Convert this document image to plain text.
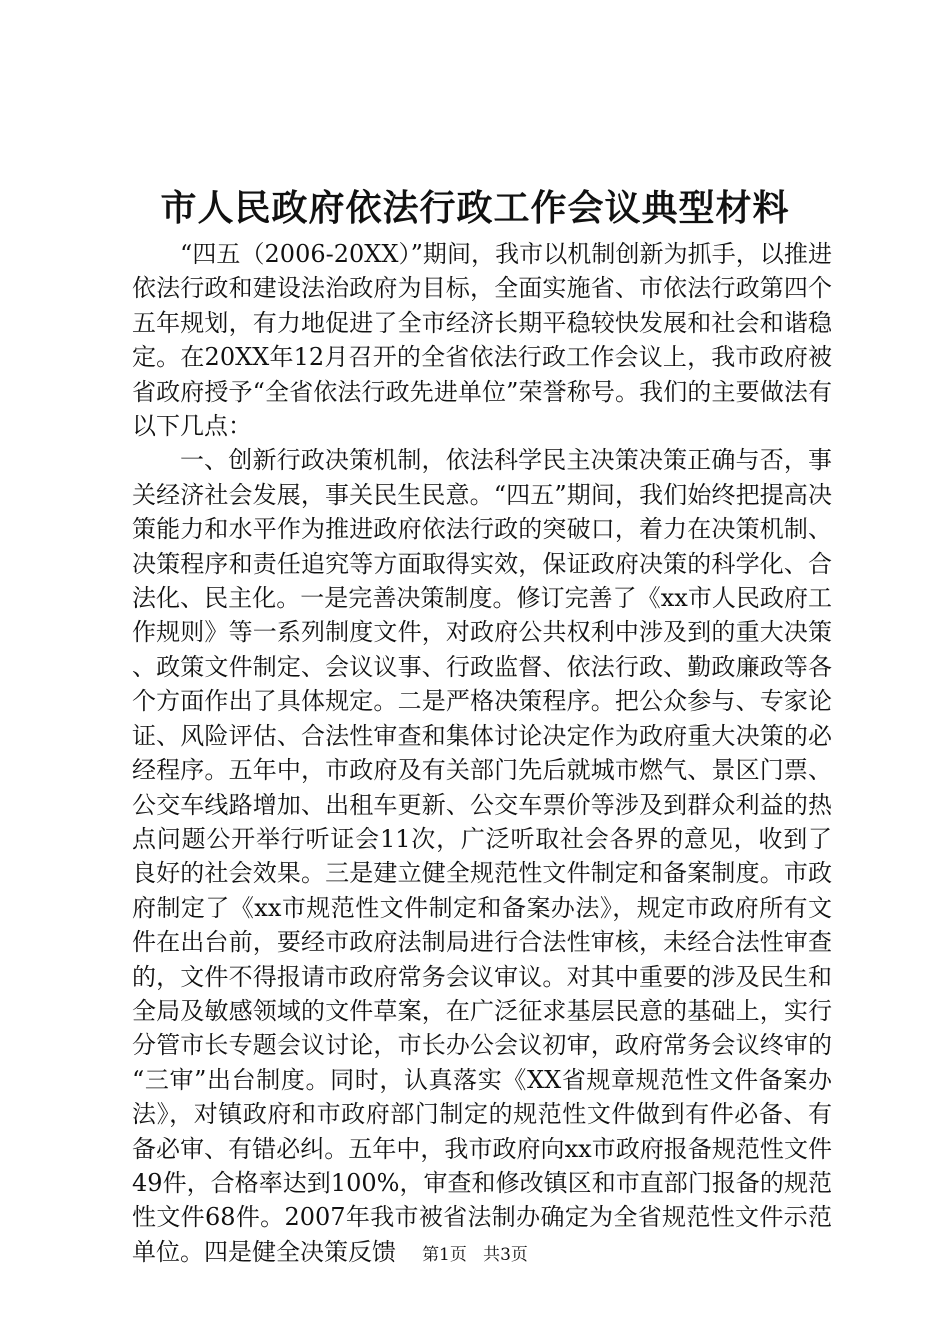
市人民政府依法行政工作会议典型材料

“四五（2006-20XX）”期间，我市以机制创新为抓手，以推进依法行政和建设法治政府为目标，全面实施省、市依法行政第四个五年规划，有力地促进了全市经济长期平稳较快发展和社会和谐稳定。在20XX年12月召开的全省依法行政工作会议上，我市政府被省政府授予“全省依法行政先进单位”荣誉称号。我们的主要做法有以下几点：

一、创新行政决策机制，依法科学民主决策决策正确与否，事关经济社会发展，事关民生民意。“四五”期间，我们始终把提高决策能力和水平作为推进政府依法行政的突破口，着力在决策机制、决策程序和责任追究等方面取得实效，保证政府决策的科学化、合法化、民主化。一是完善决策制度。修订完善了《xx市人民政府工作规则》等一系列制度文件，对政府公共权利中涉及到的重大决策、政策文件制定、会议议事、行政监督、依法行政、勤政廉政等各个方面作出了具体规定。二是严格决策程序。把公众参与、专家论证、风险评估、合法性审查和集体讨论决定作为政府重大决策的必经程序。五年中，市政府及有关部门先后就城市燃气、景区门票、公交车线路增加、出租车更新、公交车票价等涉及到群众利益的热点问题公开举行听证会11次，广泛听取社会各界的意见，收到了良好的社会效果。三是建立健全规范性文件制定和备案制度。市政府制定了《xx市规范性文件制定和备案办法》，规定市政府所有文件在出台前，要经市政府法制局进行合法性审核，未经合法性审查的，文件不得报请市政府常务会议审议。对其中重要的涉及民生和全局及敏感领域的文件草案，在广泛征求基层民意的基础上，实行分管市长专题会议讨论，市长办公会议初审，政府常务会议终审的“三审”出台制度。同时，认真落实《XX省规章规范性文件备案办法》，对镇政府和市政府部门制定的规范性文件做到有件必备、有备必审、有错必纠。五年中，我市政府向xx市政府报备规范性文件49件，合格率达到100%，审查和修改镇区和市直部门报备的规范性文件68件。2007年我市被省法制办确定为全省规范性文件示范单位。四是健全决策反馈	第1页 共3页
